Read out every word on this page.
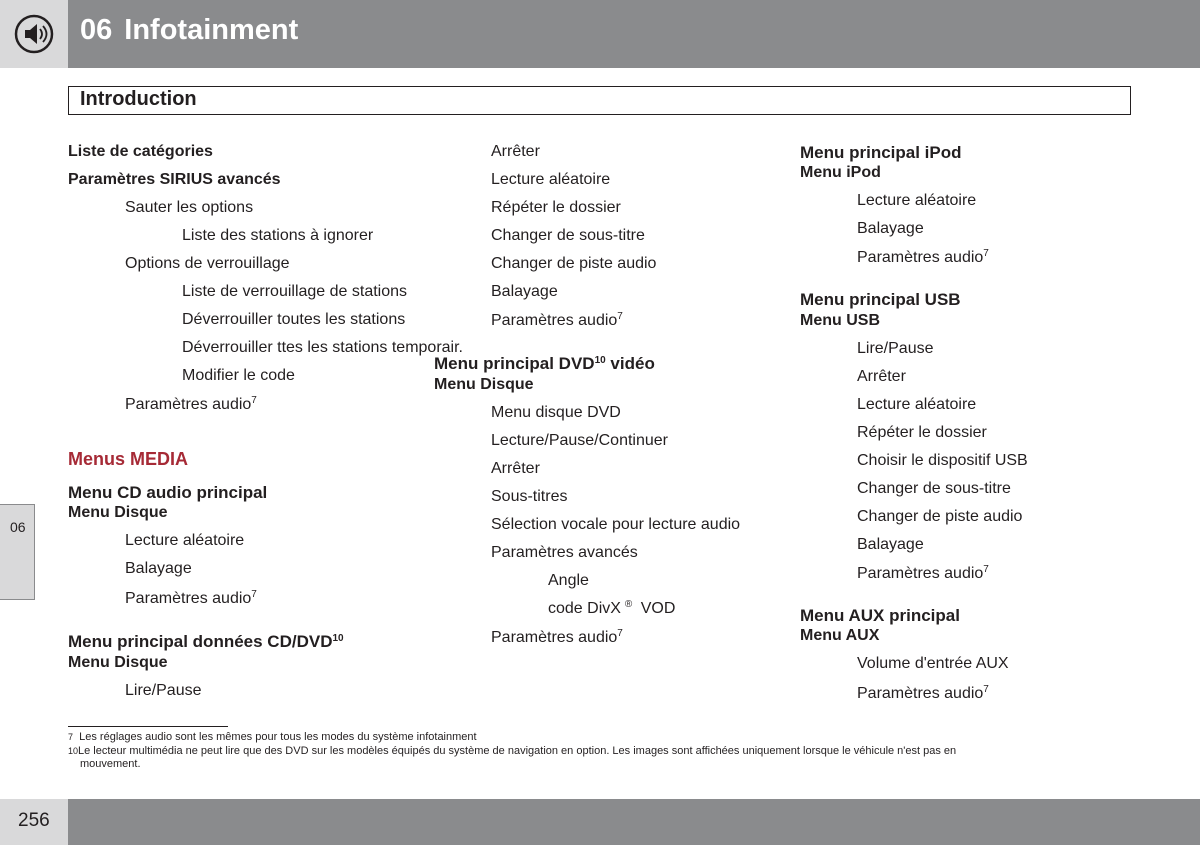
06 Infotainment
Introduction
06
Liste de catégories
Paramètres SIRIUS avancés
Sauter les options
Liste des stations à ignorer
Options de verrouillage
Liste de verrouillage de stations
Déverrouiller toutes les stations
Déverrouiller ttes les stations temporair.
Modifier le code
Paramètres audio$^7$
Menus MEDIA
Menu CD audio principal
Menu Disque
Lecture aléatoire
Balayage
Paramètres audio$^7$
Menu principal données CD/DVD$^{10}$
Menu Disque
Lire/Pause
Arrêter
Lecture aléatoire
Répéter le dossier
Changer de sous-titre
Changer de piste audio
Balayage
Paramètres audio$^7$
Menu principal DVD$^{10}$ vidéo
Menu Disque
Menu disque DVD
Lecture/Pause/Continuer
Arrêter
Sous-titres
Sélection vocale pour lecture audio
Paramètres avancés
Angle
code DivX ® VOD
Paramètres audio$^7$
Menu principal iPod
Menu iPod
Lecture aléatoire
Balayage
Paramètres audio$^7$
Menu principal USB
Menu USB
Lire/Pause
Arrêter
Lecture aléatoire
Répéter le dossier
Choisir le dispositif USB
Changer de sous-titre
Changer de piste audio
Balayage
Paramètres audio$^7$
Menu AUX principal
Menu AUX
Volume d'entrée AUX
Paramètres audio$^7$
7 Les réglages audio sont les mêmes pour tous les modes du système infotainment
10Le lecteur multimédia ne peut lire que des DVD sur les modèles équipés du système de navigation en option. Les images sont affichées uniquement lorsque le véhicule n'est pas en
mouvement.
256
